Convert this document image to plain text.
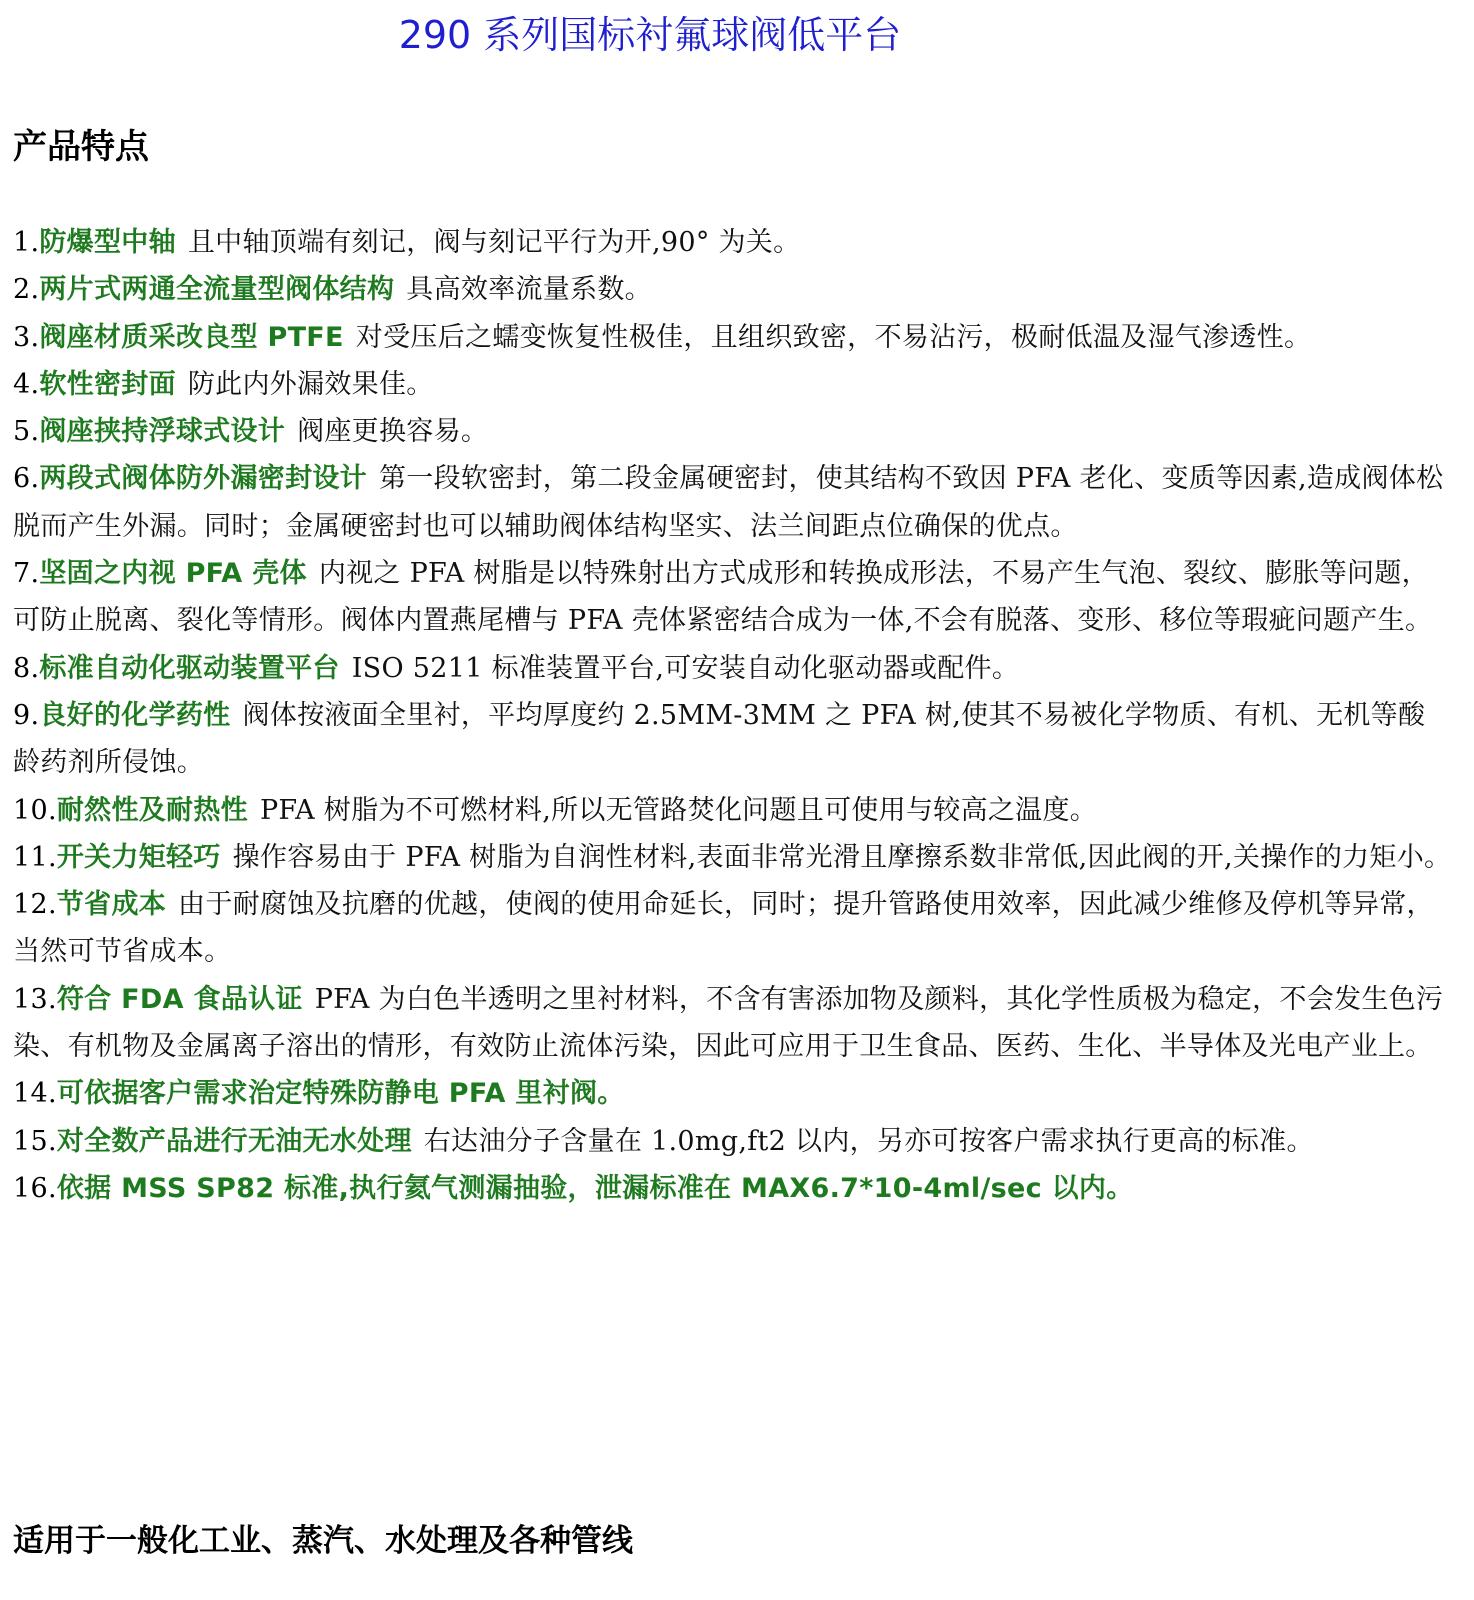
290 系列国标衬氟球阀低平台
产品特点
1.防爆型中轴 且中轴顶端有刻记，阀与刻记平行为开,90° 为关。
2.两片式两通全流量型阀体结构 具高效率流量系数。
3.阀座材质采改良型 PTFE 对受压后之蠕变恢复性极佳，且组织致密，不易沾污，极耐低温及湿气渗透性。
4.软性密封面 防此内外漏效果佳。
5.阀座挟持浮球式设计 阀座更换容易。
6.两段式阀体防外漏密封设计 第一段软密封，第二段金属硬密封，使其结构不致因 PFA 老化、变质等因素,造成阀体松脱而产生外漏。同时；金属硬密封也可以辅助阀体结构坚实、法兰间距点位确保的优点。
7.坚固之内视 PFA 壳体 内视之 PFA 树脂是以特殊射出方式成形和转换成形法，不易产生气泡、裂纹、膨胀等问题，可防止脱离、裂化等情形。阀体内置燕尾槽与 PFA 壳体紧密结合成为一体,不会有脱落、变形、移位等瑕疵问题产生。
8.标准自动化驱动装置平台 ISO 5211 标准装置平台,可安装自动化驱动器或配件。
9.良好的化学药性 阀体按液面全里衬，平均厚度约 2.5MM-3MM 之 PFA 树,使其不易被化学物质、有机、无机等酸龄药剂所侵蚀。
10.耐然性及耐热性 PFA 树脂为不可燃材料,所以无管路焚化问题且可使用与较高之温度。
11.开关力矩轻巧 操作容易由于 PFA 树脂为自润性材料,表面非常光滑且摩擦系数非常低,因此阀的开,关操作的力矩小。
12.节省成本 由于耐腐蚀及抗磨的优越，使阀的使用命延长，同时；提升管路使用效率，因此减少维修及停机等异常，当然可节省成本。
13.符合 FDA 食品认证 PFA 为白色半透明之里衬材料，不含有害添加物及颜料，其化学性质极为稳定，不会发生色污染、有机物及金属离子溶出的情形，有效防止流体污染，因此可应用于卫生食品、医药、生化、半导体及光电产业上。
14.可依据客户需求治定特殊防静电 PFA 里衬阀。
15.对全数产品进行无油无水处理 右达油分子含量在 1.0mg,ft2 以内，另亦可按客户需求执行更高的标准。
16.依据 MSS SP82 标准,执行氦气测漏抽验，泄漏标准在 MAX6.7*10-4ml/sec 以内。
适用于一般化工业、蒸汽、水处理及各种管线
